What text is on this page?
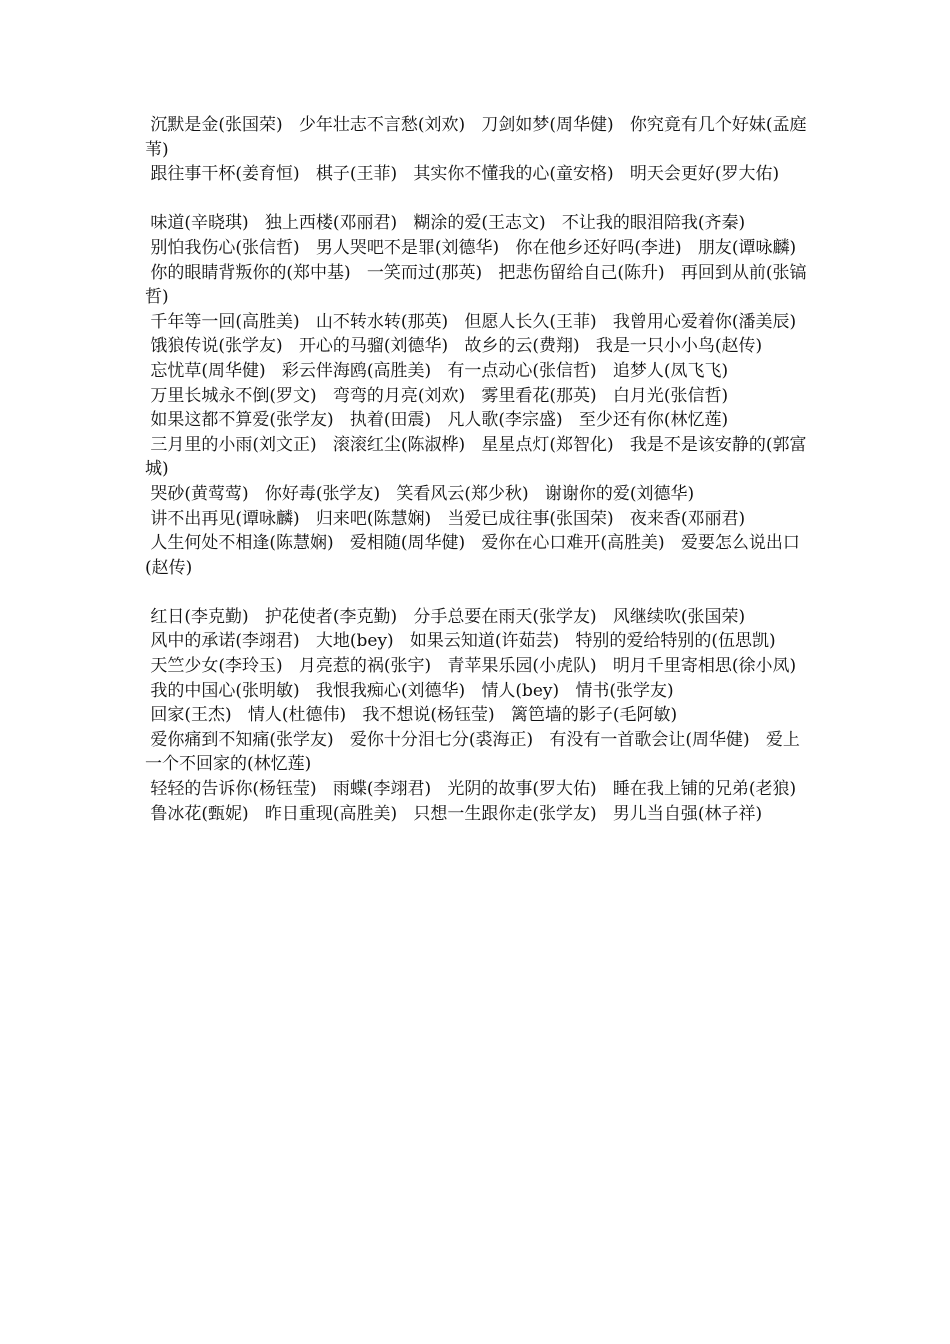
沉默是金(张国荣)   少年壮志不言愁(刘欢)   刀剑如梦(周华健)   你究竟有几个好妹(孟庭苇)

跟往事干杯(姜育恒)   棋子(王菲)   其实你不懂我的心(童安格)   明天会更好(罗大佑)

味道(辛晓琪)   独上西楼(邓丽君)   糊涂的爱(王志文)   不让我的眼泪陪我(齐秦)

别怕我伤心(张信哲)   男人哭吧不是罪(刘德华)   你在他乡还好吗(李进)   朋友(谭咏麟)

你的眼睛背叛你的(郑中基)   一笑而过(那英)   把悲伤留给自己(陈升)   再回到从前(张镐哲)

千年等一回(高胜美)   山不转水转(那英)   但愿人长久(王菲)   我曾用心爱着你(潘美辰)

饿狼传说(张学友)   开心的马骝(刘德华)   故乡的云(费翔)   我是一只小小鸟(赵传)

忘忧草(周华健)   彩云伴海鸥(高胜美)   有一点动心(张信哲)   追梦人(凤飞飞)

万里长城永不倒(罗文)   弯弯的月亮(刘欢)   雾里看花(那英)   白月光(张信哲)

如果这都不算爱(张学友)   执着(田震)   凡人歌(李宗盛)   至少还有你(林忆莲)

三月里的小雨(刘文正)   滚滚红尘(陈淑桦)   星星点灯(郑智化)   我是不是该安静的(郭富城)

哭砂(黄莺莺)   你好毒(张学友)   笑看风云(郑少秋)   谢谢你的爱(刘德华)

讲不出再见(谭咏麟)   归来吧(陈慧娴)   当爱已成往事(张国荣)   夜来香(邓丽君)

人生何处不相逢(陈慧娴)   爱相随(周华健)   爱你在心口难开(高胜美)   爱要怎么说出口(赵传)

红日(李克勤)   护花使者(李克勤)   分手总要在雨天(张学友)   风继续吹(张国荣)

风中的承诺(李翊君)   大地(bey)   如果云知道(许茹芸)   特别的爱给特别的(伍思凯)

天竺少女(李玲玉)   月亮惹的祸(张宇)   青苹果乐园(小虎队)   明月千里寄相思(徐小凤)

我的中国心(张明敏)   我恨我痴心(刘德华)   情人(bey)   情书(张学友)

回家(王杰)   情人(杜德伟)   我不想说(杨钰莹)   篱笆墙的影子(毛阿敏)

爱你痛到不知痛(张学友)   爱你十分泪七分(裘海正)   有没有一首歌会让(周华健)   爱上一个不回家的(林忆莲)

轻轻的告诉你(杨钰莹)   雨蝶(李翊君)   光阴的故事(罗大佑)   睡在我上铺的兄弟(老狼)

鲁冰花(甄妮)   昨日重现(高胜美)   只想一生跟你走(张学友)   男儿当自强(林子祥)
